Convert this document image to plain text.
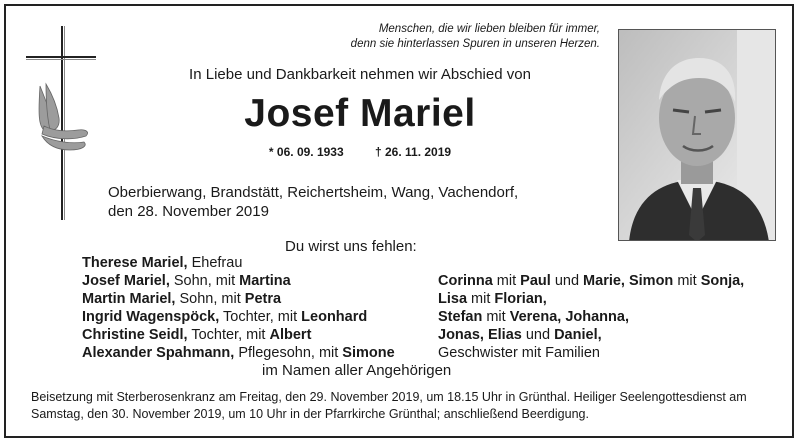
Menschen, die wir lieben bleiben für immer,
denn sie hinterlassen Spuren in unseren Herzen.
In Liebe und Dankbarkeit nehmen wir Abschied von
Josef Mariel
* 06. 09. 1933	† 26. 11. 2019
Oberbierwang, Brandstätt, Reichertsheim, Wang, Vachendorf,
den 28. November 2019
Du wirst uns fehlen:
Therese Mariel, Ehefrau
Josef Mariel, Sohn, mit Martina
Martin Mariel, Sohn, mit Petra
Ingrid Wagenspöck, Tochter, mit Leonhard
Christine Seidl, Tochter, mit Albert
Alexander Spahmann, Pflegesohn, mit Simone
Corinna mit Paul und Marie, Simon mit Sonja,
Lisa mit Florian,
Stefan mit Verena, Johanna,
Jonas, Elias und Daniel,
Geschwister mit Familien
im Namen aller Angehörigen
Beisetzung mit Sterberosenkranz am Freitag, den 29. November 2019, um 18.15 Uhr in Grünthal. Heiliger Seelengottesdienst am
Samstag, den 30. November 2019, um 10 Uhr in der Pfarrkirche Grünthal; anschließend Beerdigung.
